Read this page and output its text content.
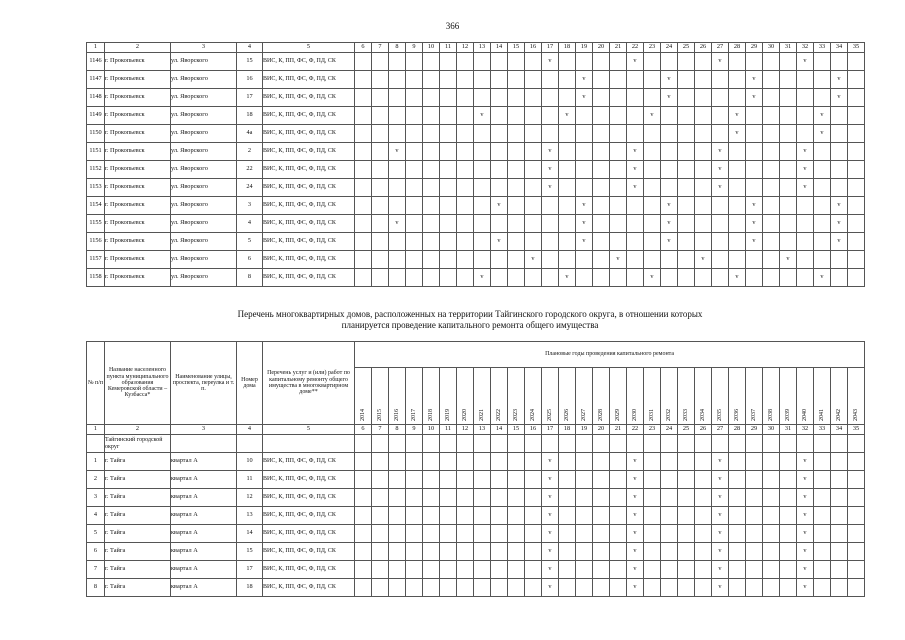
366
1	2	3	4	5	6	7	8	9	10	11	12	13	14	15	16	17	18	19	20	21	22	23	24	25	26	27	28	29	30	31	32	33	34	35
1146	г. Прокопьевск	ул. Яворского	15	ВИС, К, ПП, ФС, Ф, ПД, СК												v					v					v					v			
1147	г. Прокопьевск	ул. Яворского	16	ВИС, К, ПП, ФС, Ф, ПД, СК														v					v					v					v	
1148	г. Прокопьевск	ул. Яворского	17	ВИС, К, ПП, ФС, Ф, ПД, СК														v					v					v					v	
1149	г. Прокопьевск	ул. Яворского	18	ВИС, К, ПП, ФС, Ф, ПД, СК								v					v					v					v					v		
1150	г. Прокопьевск	ул. Яворского	4а	ВИС, К, ПП, ФС, Ф, ПД, СК																							v					v		
1151	г. Прокопьевск	ул. Яворского	2	ВИС, К, ПП, ФС, Ф, ПД, СК			v									v					v					v					v			
1152	г. Прокопьевск	ул. Яворского	22	ВИС, К, ПП, ФС, Ф, ПД, СК												v					v					v					v			
1153	г. Прокопьевск	ул. Яворского	24	ВИС, К, ПП, ФС, Ф, ПД, СК												v					v					v					v			
1154	г. Прокопьевск	ул. Яворского	3	ВИС, К, ПП, ФС, Ф, ПД, СК									v					v					v					v					v	
1155	г. Прокопьевск	ул. Яворского	4	ВИС, К, ПП, ФС, Ф, ПД, СК			v											v					v					v					v	
1156	г. Прокопьевск	ул. Яворского	5	ВИС, К, ПП, ФС, Ф, ПД, СК									v					v					v					v					v	
1157	г. Прокопьевск	ул. Яворского	6	ВИС, К, ПП, ФС, Ф, ПД, СК											v					v					v					v				
1158	г. Прокопьевск	ул. Яворского	8	ВИС, К, ПП, ФС, Ф, ПД, СК								v					v					v					v					v		
Перечень многоквартирных домов, расположенных на территории Тайгинского городского округа, в отношении которых
планируется проведение капитального ремонта общего имущества
№ п/п	Название населенного пункта муниципального образования Кемеровской области – Кузбасса*	Наименование улицы, проспекта, переулка и т. п.	Номер дома	Перечень услуг и (или) работ по капитальному ремонту общего имущества в многоквартирном доме**	Плановые годы проведения капитального ремонта																													

					2014	2015	2016	2017	2018	2019	2020	2021	2022	2023	2024	2025	2026	2027	2028	2029	2030	2031	2032	2033	2034	2035	2036	2037	2038	2039	2040	2041	2042	2043

1	2	3	4	5	6	7	8	9	10	11	12	13	14	15	16	17	18	19	20	21	22	23	24	25	26	27	28	29	30	31	32	33	34	35
	Тайгинский городской округ																																	
1	г. Тайга	квартал А	10	ВИС, К, ПП, ФС, Ф, ПД, СК												v					v					v					v			
2	г. Тайга	квартал А	11	ВИС, К, ПП, ФС, Ф, ПД, СК												v					v					v					v			
3	г. Тайга	квартал А	12	ВИС, К, ПП, ФС, Ф, ПД, СК												v					v					v					v			
4	г. Тайга	квартал А	13	ВИС, К, ПП, ФС, Ф, ПД, СК												v					v					v					v			
5	г. Тайга	квартал А	14	ВИС, К, ПП, ФС, Ф, ПД, СК												v					v					v					v			
6	г. Тайга	квартал А	15	ВИС, К, ПП, ФС, Ф, ПД, СК												v					v					v					v			
7	г. Тайга	квартал А	17	ВИС, К, ПП, ФС, Ф, ПД, СК												v					v					v					v			
8	г. Тайга	квартал А	18	ВИС, К, ПП, ФС, Ф, ПД, СК												v					v					v					v			
